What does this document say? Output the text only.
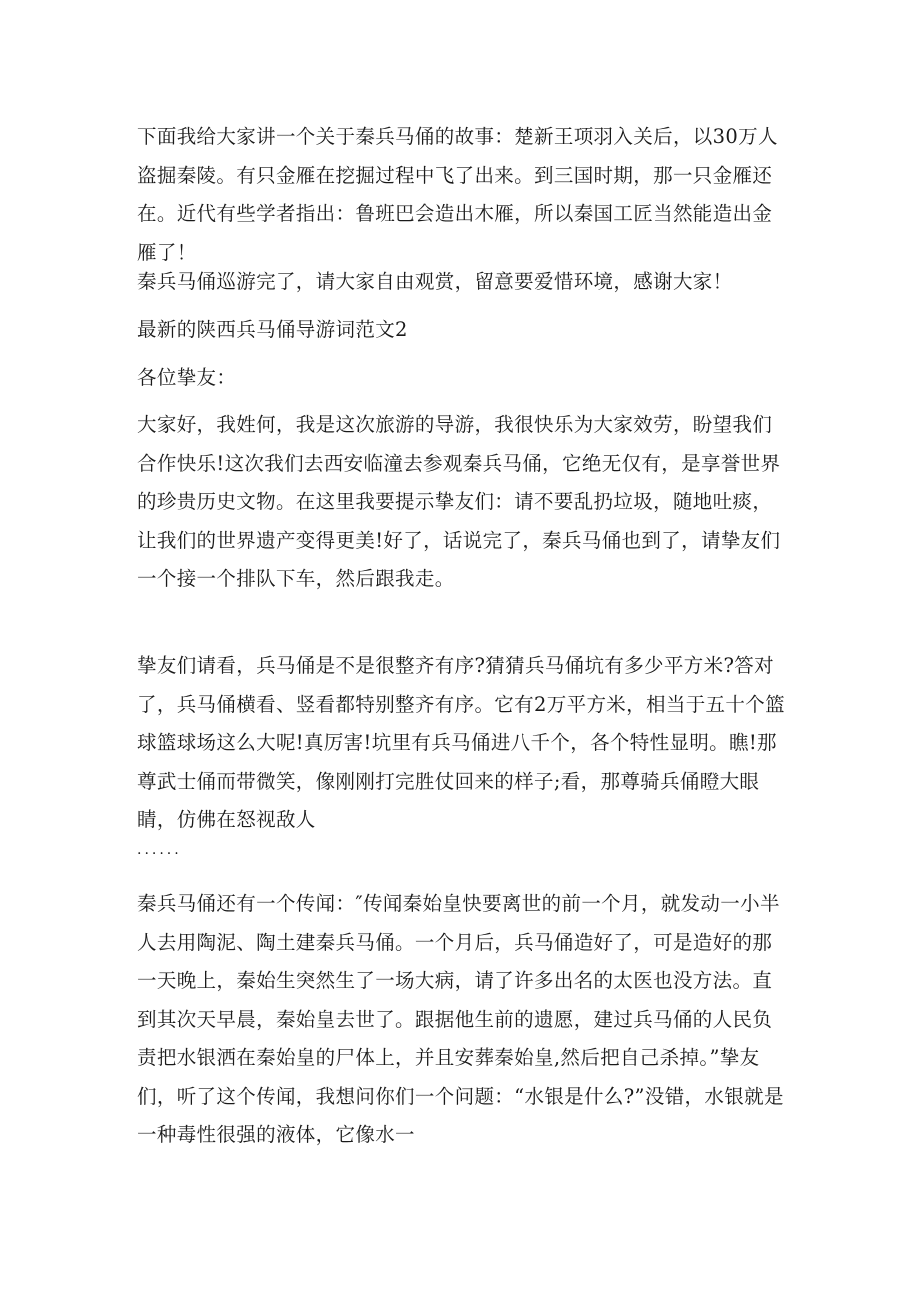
下面我给大家讲一个关于秦兵马俑的故事：楚新王项羽入关后，以30万人盗掘秦陵。有只金雁在挖掘过程中飞了出来。到三国时期，那一只金雁还在。近代有些学者指出：鲁班巴会造出木雁，所以秦国工匠当然能造出金雁了！

秦兵马俑巡游完了，请大家自由观赏，留意要爱惜环境，感谢大家！

最新的陕西兵马俑导游词范文2

各位挚友：

大家好，我姓何，我是这次旅游的导游，我很快乐为大家效劳，盼望我们合作快乐!这次我们去西安临潼去参观秦兵马俑，它绝无仅有，是享誉世界的珍贵历史文物。在这里我要提示挚友们：请不要乱扔垃圾，随地吐痰，让我们的世界遗产变得更美!好了，话说完了，秦兵马俑也到了，请挚友们一个接一个排队下车，然后跟我走。

挚友们请看，兵马俑是不是很整齐有序?猜猜兵马俑坑有多少平方米?答对了，兵马俑横看、竖看都特别整齐有序。它有2万平方米，相当于五十个篮球篮球场这么大呢!真厉害!坑里有兵马俑进八千个，各个特性显明。瞧!那尊武士俑而带微笑，像刚刚打完胜仗回来的样子;看，那尊骑兵俑瞪大眼睛，仿佛在怒视敌人

......

秦兵马俑还有一个传闻：″传闻秦始皇快要离世的前一个月，就发动一小半人去用陶泥、陶土建秦兵马俑。一个月后，兵马俑造好了，可是造好的那一天晚上，秦始生突然生了一场大病，请了许多出名的太医也没方法。直到其次天早晨，秦始皇去世了。跟据他生前的遗愿，建过兵马俑的人民负责把水银洒在秦始皇的尸体上，并且安葬秦始皇,然后把自己杀掉。”挚友们，听了这个传闻，我想问你们一个问题：“水银是什么?”没错，水银就是一种毒性很强的液体，它像水一
